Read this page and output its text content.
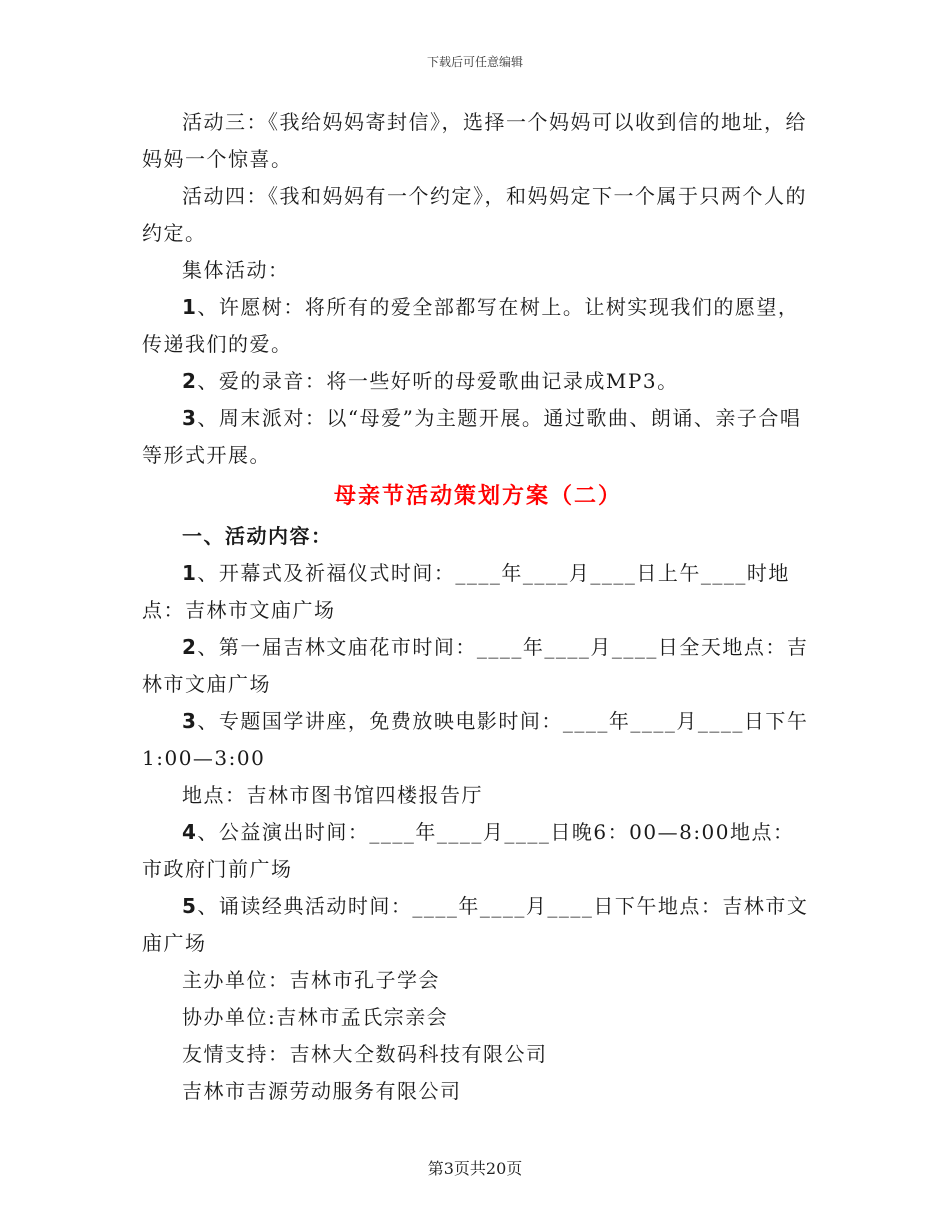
下载后可任意编辑

活动三：《我给妈妈寄封信》，选择一个妈妈可以收到信的地址，给妈妈一个惊喜。

活动四：《我和妈妈有一个约定》，和妈妈定下一个属于只两个人的约定。

集体活动：

1、许愿树：将所有的爱全部都写在树上。让树实现我们的愿望，传递我们的爱。

2、爱的录音：将一些好听的母爱歌曲记录成MP3。

3、周末派对：以“母爱”为主题开展。通过歌曲、朗诵、亲子合唱等形式开展。

母亲节活动策划方案（二）

一、活动内容：

1、开幕式及祈福仪式时间：____年____月____日上午____时地点：吉林市文庙广场

2、第一届吉林文庙花市时间：____年____月____日全天地点：吉林市文庙广场

3、专题国学讲座，免费放映电影时间：____年____月____日下午1:00—3:00

地点：吉林市图书馆四楼报告厅

4、公益演出时间：____年____月____日晚6：00—8:00地点：市政府门前广场

5、诵读经典活动时间：____年____月____日下午地点：吉林市文庙广场

主办单位：吉林市孔子学会

协办单位:吉林市孟氏宗亲会

友情支持：吉林大仝数码科技有限公司

吉林市吉源劳动服务有限公司

第3页共20页
